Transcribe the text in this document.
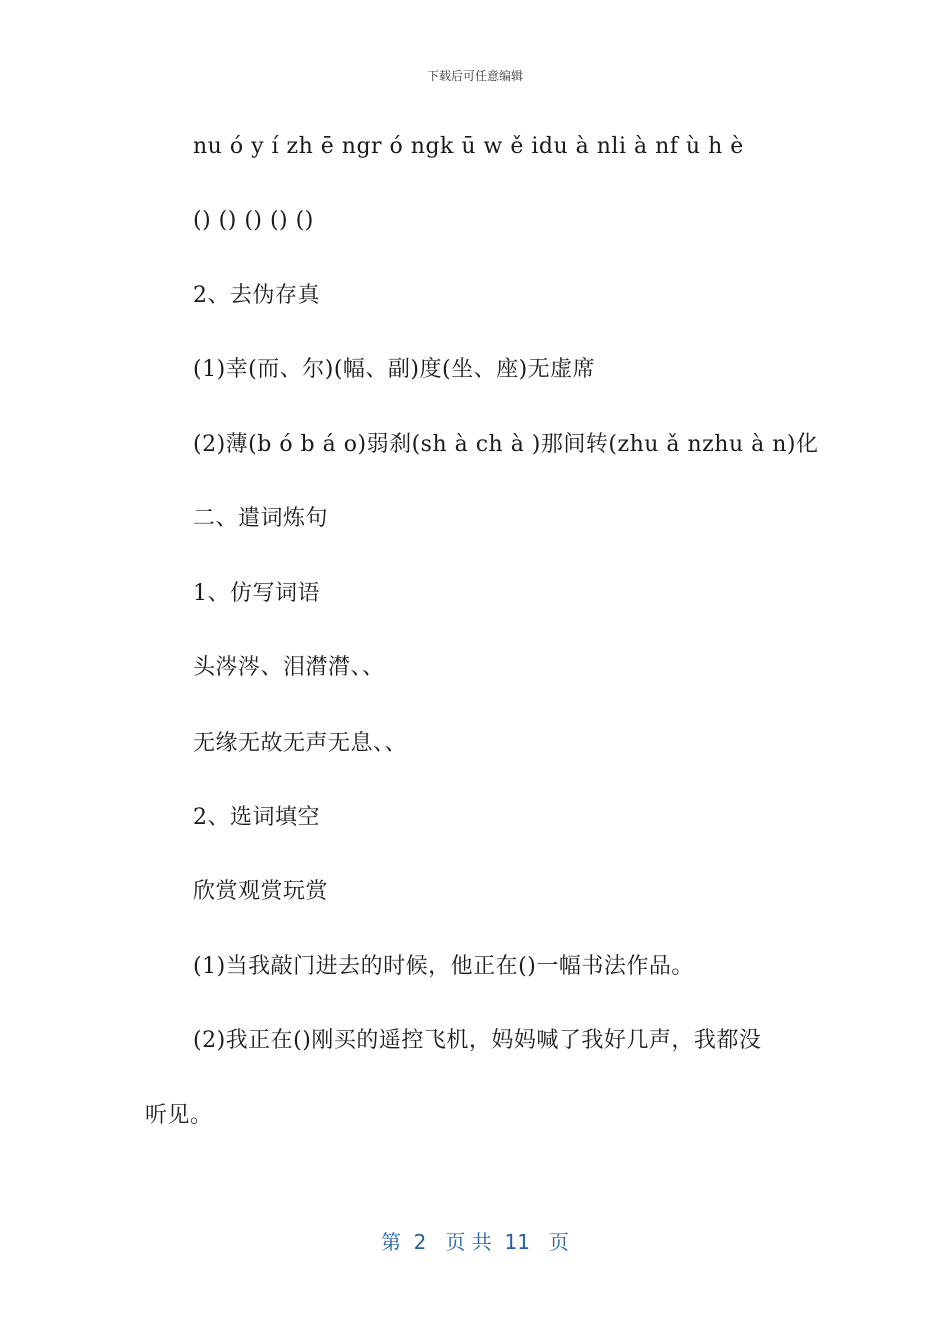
下载后可任意编辑
nu ó y í zh ē ngr ó ngk ū w ě idu à nli à nf ù h è
() () () () ()
2、去伪存真
(1)幸(而、尔)(幅、副)度(坐、座)无虚席
(2)薄(b ó b á o)弱刹(sh à ch à )那间转(zhu ǎ nzhu à n)化
二、遣词炼句
1、仿写词语
头涔涔、泪潸潸、、
无缘无故无声无息、、
2、选词填空
欣赏观赏玩赏
(1)当我敲门进去的时候，他正在()一幅书法作品。
(2)我正在()刚买的遥控飞机，妈妈喊了我好几声，我都没
听见。
第  2   页 共  11   页
